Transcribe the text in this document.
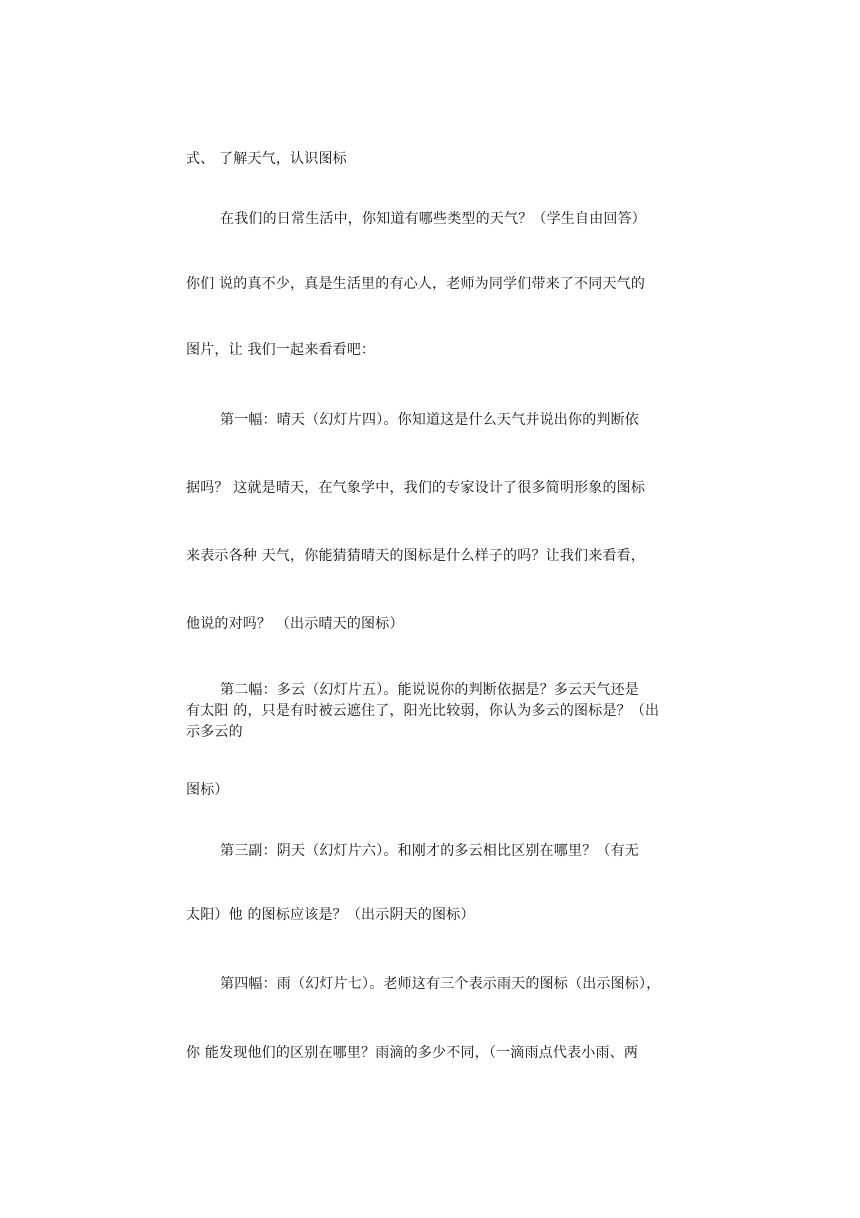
式、 了解天气，认识图标
在我们的日常生活中，你知道有哪些类型的天气？（学生自由回答）
你们 说的真不少，真是生活里的有心人，老师为同学们带来了不同天气的
图片，让 我们一起来看看吧：
第一幅：晴天（幻灯片四）。你知道这是什么天气并说出你的判断依
据吗？ 这就是晴天，在气象学中，我们的专家设计了很多简明形象的图标
来表示各种 天气，你能猜猜晴天的图标是什么样子的吗？让我们来看看，
他说的对吗？ （出示晴天的图标）
第二幅：多云（幻灯片五）。能说说你的判断依据是？多云天气还是
有太阳 的，只是有时被云遮住了，阳光比较弱，你认为多云的图标是？（出
示多云的
图标）
第三副：阴天（幻灯片六）。和刚才的多云相比区别在哪里？（有无
太阳）他 的图标应该是？（出示阴天的图标）
第四幅：雨（幻灯片七）。老师这有三个表示雨天的图标（出示图标），
你 能发现他们的区别在哪里？雨滴的多少不同，（一滴雨点代表小雨、两
